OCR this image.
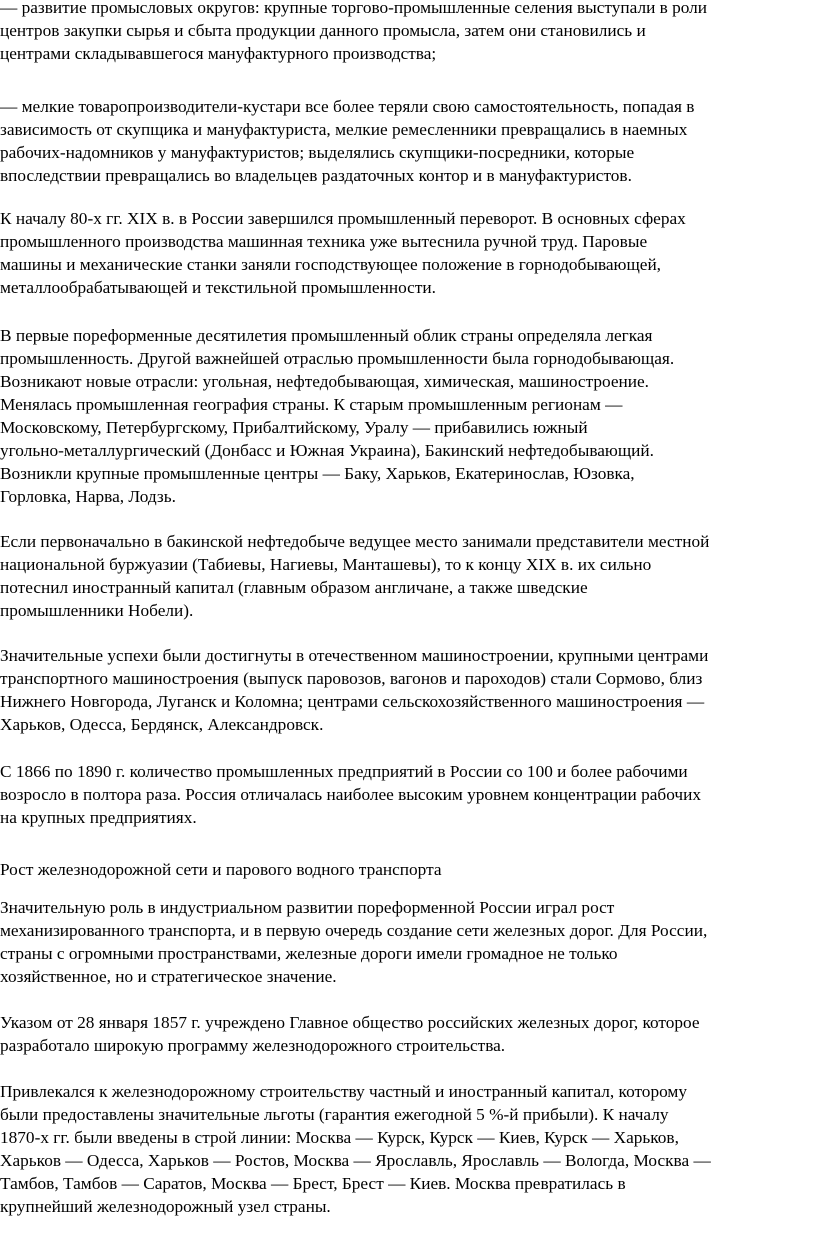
— развитие промысловых округов: крупные торгово-промышленные селения выступали в роли
центров закупки сырья и сбыта продукции данного промысла, затем они становились и
центрами складывавшегося мануфактурного производства;
— мелкие товаропроизводители-кустари все более теряли свою самостоятельность, попадая в
зависимость от скупщика и мануфактуриста, мелкие ремесленники превращались в наемных
рабочих-надомников у мануфактуристов; выделялись скупщики-посредники, которые
впоследствии превращались во владельцев раздаточных контор и в мануфактуристов.
К началу 80-х гг. XIX в. в России завершился промышленный переворот. В основных сферах
промышленного производства машинная техника уже вытеснила ручной труд. Паровые
машины и механические станки заняли господствующее положение в горнодобывающей,
металлообрабатывающей и текстильной промышленности.
В первые пореформенные десятилетия промышленный облик страны определяла легкая
промышленность. Другой важнейшей отраслью промышленности была горнодобывающая.
Возникают новые отрасли: угольная, нефтедобывающая, химическая, машиностроение.
Менялась промышленная география страны. К старым промышленным регионам —
Московскому, Петербургскому, Прибалтийскому, Уралу — прибавились южный
угольно-металлургический (Донбасс и Южная Украина), Бакинский нефтедобывающий.
Возникли крупные промышленные центры — Баку, Харьков, Екатеринослав, Юзовка,
Горловка, Нарва, Лодзь.
Если первоначально в бакинской нефтедобыче ведущее место занимали представители местной
национальной буржуазии (Табиевы, Нагиевы, Манташевы), то к концу XIX в. их сильно
потеснил иностранный капитал (главным образом англичане, а также шведские
промышленники Нобели).
Значительные успехи были достигнуты в отечественном машиностроении, крупными центрами
транспортного машиностроения (выпуск паровозов, вагонов и пароходов) стали Сормово, близ
Нижнего Новгорода, Луганск и Коломна; центрами сельскохозяйственного машиностроения —
Харьков, Одесса, Бердянск, Александровск.
С 1866 по 1890 г. количество промышленных предприятий в России со 100 и более рабочими
возросло в полтора раза. Россия отличалась наиболее высоким уровнем концентрации рабочих
на крупных предприятиях.
Рост железнодорожной сети и парового водного транспорта
Значительную роль в индустриальном развитии пореформенной России играл рост
механизированного транспорта, и в первую очередь создание сети железных дорог. Для России,
страны с огромными пространствами, железные дороги имели громадное не только
хозяйственное, но и стратегическое значение.
Указом от 28 января 1857 г. учреждено Главное общество российских железных дорог, которое
разработало широкую программу железнодорожного строительства.
Привлекался к железнодорожному строительству частный и иностранный капитал, которому
были предоставлены значительные льготы (гарантия ежегодной 5 %-й прибыли). К началу
1870-х гг. были введены в строй линии: Москва — Курск, Курск — Киев, Курск — Харьков,
Харьков — Одесса, Харьков — Ростов, Москва — Ярославль, Ярославль — Вологда, Москва —
Тамбов, Тамбов — Саратов, Москва — Брест, Брест — Киев. Москва превратилась в
крупнейший железнодорожный узел страны.
